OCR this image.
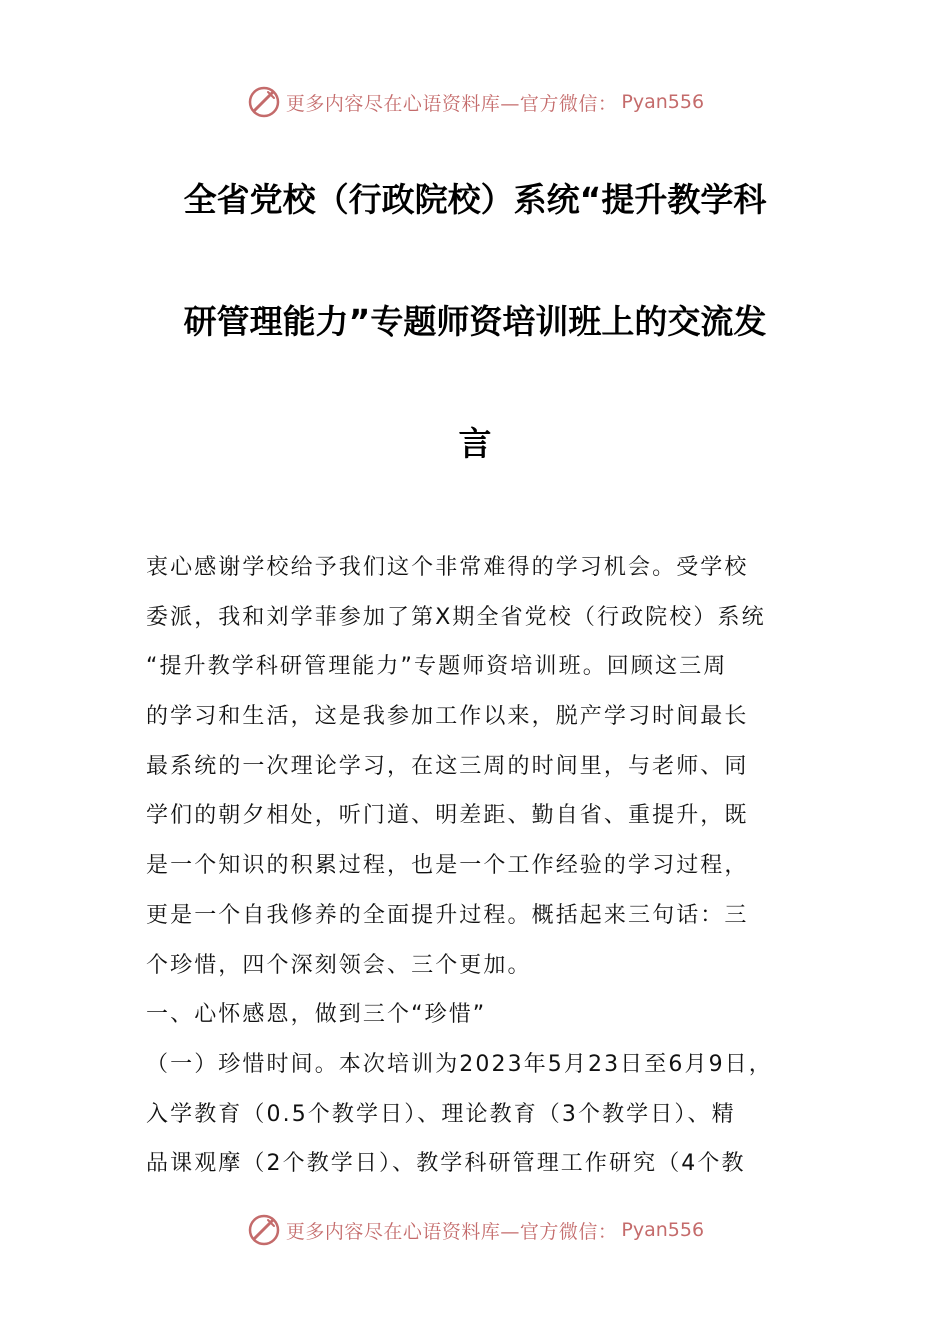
更多内容尽在心语资料库—官方微信： Pyan556
全省党校（行政院校）系统“提升教学科
研管理能力”专题师资培训班上的交流发
言
衷心感谢学校给予我们这个非常难得的学习机会。受学校
委派，我和刘学菲参加了第X期全省党校（行政院校）系统
“提升教学科研管理能力”专题师资培训班。回顾这三周
的学习和生活，这是我参加工作以来，脱产学习时间最长
最系统的一次理论学习，在这三周的时间里，与老师、同
学们的朝夕相处，听门道、明差距、勤自省、重提升，既
是一个知识的积累过程，也是一个工作经验的学习过程，
更是一个自我修养的全面提升过程。概括起来三句话：三
个珍惜，四个深刻领会、三个更加。
一、心怀感恩，做到三个“珍惜”
（一）珍惜时间。本次培训为2023年5月23日至6月9日，
入学教育（0.5个教学日）、理论教育（3个教学日）、精
品课观摩（2个教学日）、教学科研管理工作研究（4个教
更多内容尽在心语资料库—官方微信： Pyan556
